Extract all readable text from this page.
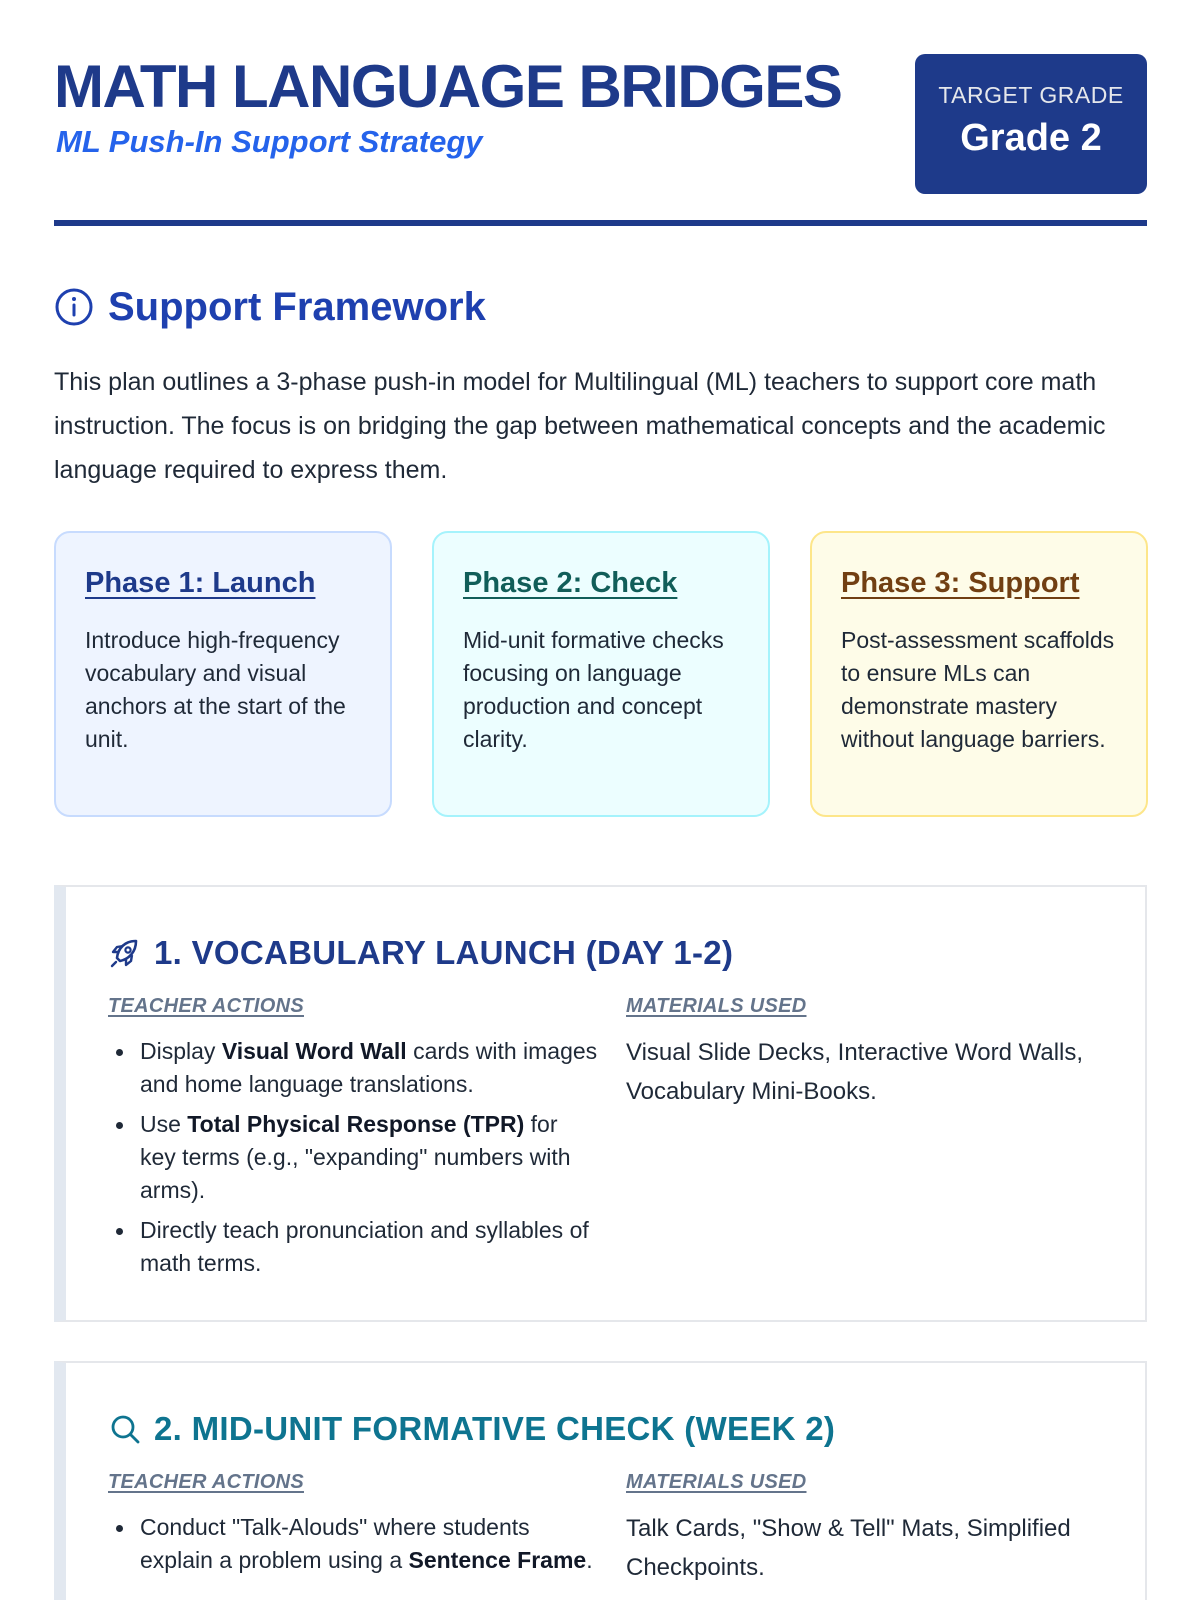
MATH LANGUAGE BRIDGES
ML Push-In Support Strategy
TARGET GRADE
Grade 2
Support Framework

This plan outlines a 3-phase push-in model for Multilingual (ML) teachers to support core math instruction. The focus is on bridging the gap between mathematical concepts and the academic language required to express them.

Phase 1: Launch

Introduce high-frequency vocabulary and visual anchors at the start of the unit.

Phase 2: Check

Mid-unit formative checks focusing on language production and concept clarity.

Phase 3: Support

Post-assessment scaffolds to ensure MLs can demonstrate mastery without language barriers.

1. VOCABULARY LAUNCH (DAY 1-2)
TEACHER ACTIONS	MATERIALS USED
Display Visual Word Wall cards with images and home language translations.
Use Total Physical Response (TPR) for key terms (e.g., "expanding" numbers with arms).
Directly teach pronunciation and syllables of math terms.

Visual Slide Decks, Interactive Word Walls, Vocabulary Mini-Books.

2. MID-UNIT FORMATIVE CHECK (WEEK 2)
TEACHER ACTIONS	MATERIALS USED
Conduct "Talk-Alouds" where students explain a problem using a Sentence Frame.

Talk Cards, "Show & Tell" Mats, Simplified Checkpoints.
